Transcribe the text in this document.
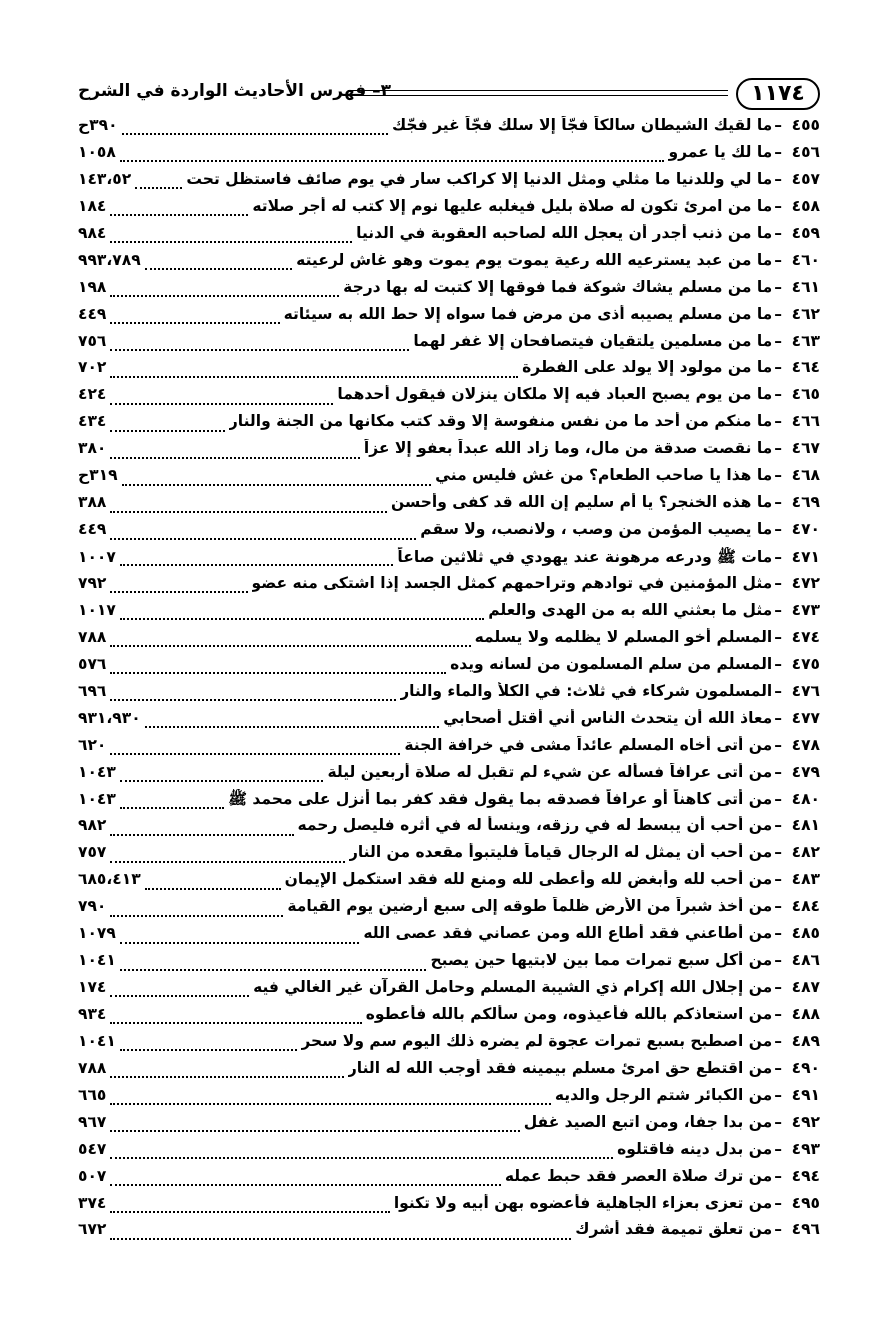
١١٧٤
٣– فهرس الأحاديث الواردة في الشرح
٤٥٥
–
ما لقيك الشيطان سالكاً فجّاً إلا سلك فجّاً غير فجّك
٣٩٠ح
٤٥٦
–
ما لك يا عمرو
١٠٥٨
٤٥٧
–
ما لي وللدنيا ما مثلي ومثل الدنيا إلا كراكب سار في يوم صائف فاستظل تحت
١٤٣،٥٢
٤٥٨
–
ما من امرئ تكون له صلاة بليل فيغلبه عليها نوم إلا كتب له أجر صلاته
١٨٤
٤٥٩
–
ما من ذنب أجدر أن يعجل الله لصاحبه العقوبة في الدنيا
٩٨٤
٤٦٠
–
ما من عبد يسترعيه الله رعية يموت يوم يموت وهو غاش لرعيته
٩٩٣،٧٨٩
٤٦١
–
ما من مسلم يشاك شوكة فما فوقها إلا كتبت له بها درجة
١٩٨
٤٦٢
–
ما من مسلم يصيبه أذى من مرض فما سواه إلا حط الله به سيئاته
٤٤٩
٤٦٣
–
ما من مسلمين يلتقيان فيتصافحان إلا غفر لهما
٧٥٦
٤٦٤
–
ما من مولود إلا يولد على الفطرة
٧٠٢
٤٦٥
–
ما من يوم يصبح العباد فيه إلا ملكان ينزلان فيقول أحدهما
٤٢٤
٤٦٦
–
ما منكم من أحد ما من نفس منفوسة إلا وقد كتب مكانها من الجنة والنار
٤٣٤
٤٦٧
–
ما نقصت صدقة من مال، وما زاد الله عبداً بعفو إلا عزاً
٣٨٠
٤٦٨
–
ما هذا يا صاحب الطعام؟ من غش فليس مني
٣١٩ح
٤٦٩
–
ما هذه الخنجر؟ يا أم سليم إن الله قد كفى وأحسن
٣٨٨
٤٧٠
–
ما يصيب المؤمن من وصب ، ولانصب، ولا سقم
٤٤٩
٤٧١
–
مات ﷺ ودرعه مرهونة عند يهودي في ثلاثين صاعاً
١٠٠٧
٤٧٢
–
مثل المؤمنين في توادهم وتراحمهم كمثل الجسد إذا اشتكى منه عضو
٧٩٢
٤٧٣
–
مثل ما بعثني الله به من الهدى والعلم
١٠١٧
٤٧٤
–
المسلم أخو المسلم لا يظلمه ولا يسلمه
٧٨٨
٤٧٥
–
المسلم من سلم المسلمون من لسانه ويده
٥٧٦
٤٧٦
–
المسلمون شركاء في ثلاث: في الكلأ والماء والنار
٦٩٦
٤٧٧
–
معاذ الله أن يتحدث الناس أني أقتل أصحابي
٩٣١،٩٣٠
٤٧٨
–
من أتى أخاه المسلم عائداً مشى في خرافة الجنة
٦٢٠
٤٧٩
–
من أتى عرافاً فسأله عن شيء لم تقبل له صلاة أربعين ليلة
١٠٤٣
٤٨٠
–
من أتى كاهناً أو عرافاً فصدقه بما يقول فقد كفر بما أنزل على محمد ﷺ
١٠٤٣
٤٨١
–
من أحب أن يبسط له في رزقه، وينسأ له في أثره فليصل رحمه
٩٨٢
٤٨٢
–
من أحب أن يمثل له الرجال قياماً فليتبوأ مقعده من النار
٧٥٧
٤٨٣
–
من أحب لله وأبغض لله وأعطى لله ومنع لله فقد استكمل الإيمان
٦٨٥،٤١٣
٤٨٤
–
من أخذ شبراً من الأرض ظلماً طوقه إلى سبع أرضين يوم القيامة
٧٩٠
٤٨٥
–
من أطاعني فقد أطاع الله ومن عصاني فقد عصى الله
١٠٧٩
٤٨٦
–
من أكل سبع تمرات مما بين لابتيها حين يصبح
١٠٤١
٤٨٧
–
من إجلال الله إكرام ذي الشيبة المسلم وحامل القرآن غير الغالي فيه
١٧٤
٤٨٨
–
من استعاذكم بالله فأعيذوه، ومن سألكم بالله فأعطوه
٩٣٤
٤٨٩
–
من اصطبح بسبع تمرات عجوة لم يضره ذلك اليوم سم ولا سحر
١٠٤١
٤٩٠
–
من اقتطع حق امرئ مسلم بيمينه فقد أوجب الله له النار
٧٨٨
٤٩١
–
من الكبائر شتم الرجل والديه
٦٦٥
٤٩٢
–
من بدا جفا، ومن اتبع الصيد غفل
٩٦٧
٤٩٣
–
من بدل دينه فاقتلوه
٥٤٧
٤٩٤
–
من ترك صلاة العصر فقد حبط عمله
٥٠٧
٤٩٥
–
من تعزى بعزاء الجاهلية فأعضوه بهن أبيه ولا تكنوا
٣٧٤
٤٩٦
–
من تعلق تميمة فقد أشرك
٦٧٢
